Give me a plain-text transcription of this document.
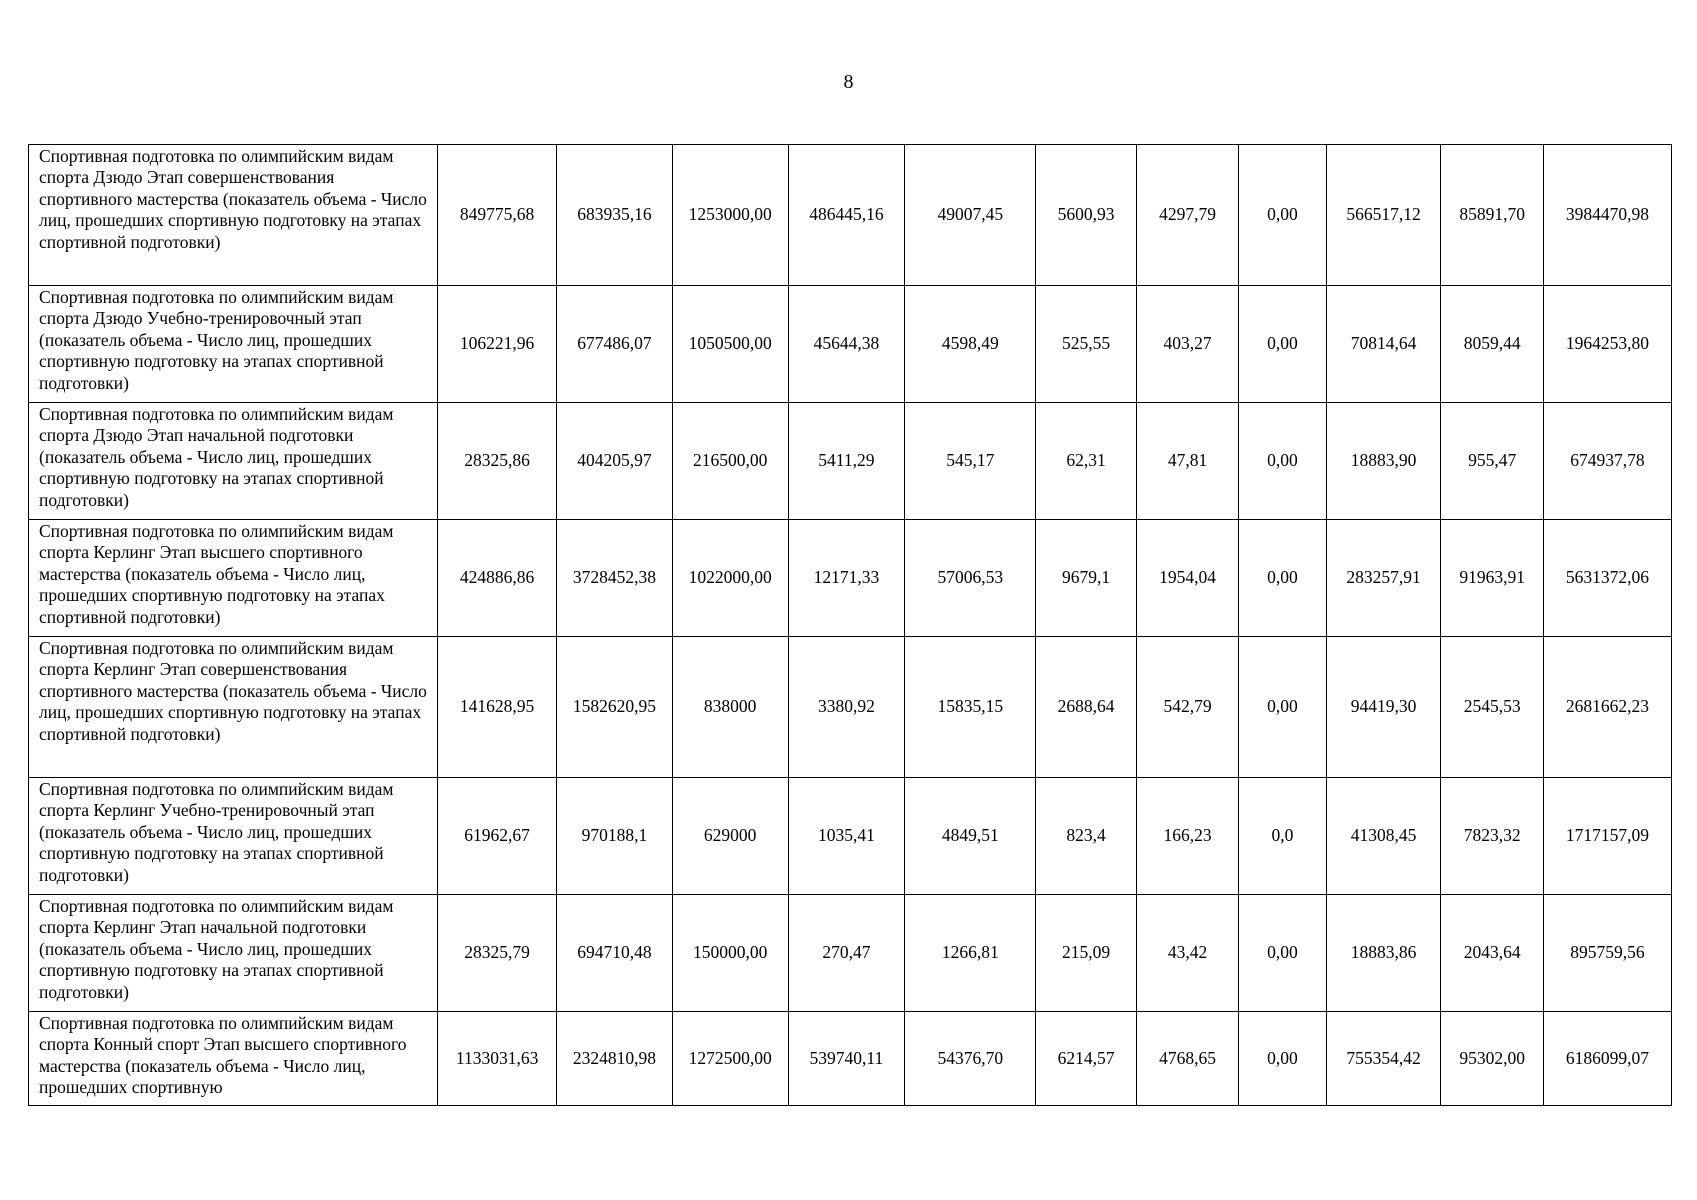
8
Спортивная подготовка по олимпийским видам спорта Дзюдо Этап совершенствования спортивного мастерства (показатель объема - Число лиц, прошедших спортивную подготовку на этапах спортивной подготовки)	849775,68	683935,16	1253000,00	486445,16	49007,45	5600,93	4297,79	0,00	566517,12	85891,70	3984470,98
Спортивная подготовка по олимпийским видам спорта Дзюдо Учебно-тренировочный этап (показатель объема - Число лиц, прошедших спортивную подготовку на этапах спортивной подготовки)	106221,96	677486,07	1050500,00	45644,38	4598,49	525,55	403,27	0,00	70814,64	8059,44	1964253,80
Спортивная подготовка по олимпийским видам спорта Дзюдо Этап начальной подготовки (показатель объема - Число лиц, прошедших спортивную подготовку на этапах спортивной подготовки)	28325,86	404205,97	216500,00	5411,29	545,17	62,31	47,81	0,00	18883,90	955,47	674937,78
Спортивная подготовка по олимпийским видам спорта Керлинг Этап высшего спортивного мастерства (показатель объема - Число лиц, прошедших спортивную подготовку на этапах спортивной подготовки)	424886,86	3728452,38	1022000,00	12171,33	57006,53	9679,1	1954,04	0,00	283257,91	91963,91	5631372,06
Спортивная подготовка по олимпийским видам спорта Керлинг Этап совершенствования спортивного мастерства (показатель объема - Число лиц, прошедших спортивную подготовку на этапах спортивной подготовки)	141628,95	1582620,95	838000	3380,92	15835,15	2688,64	542,79	0,00	94419,30	2545,53	2681662,23
Спортивная подготовка по олимпийским видам спорта Керлинг Учебно-тренировочный этап (показатель объема - Число лиц, прошедших спортивную подготовку на этапах спортивной подготовки)	61962,67	970188,1	629000	1035,41	4849,51	823,4	166,23	0,0	41308,45	7823,32	1717157,09
Спортивная подготовка по олимпийским видам спорта Керлинг Этап начальной подготовки (показатель объема - Число лиц, прошедших спортивную подготовку на этапах спортивной подготовки)	28325,79	694710,48	150000,00	270,47	1266,81	215,09	43,42	0,00	18883,86	2043,64	895759,56
Спортивная подготовка по олимпийским видам спорта Конный спорт Этап высшего спортивного мастерства (показатель объема - Число лиц, прошедших спортивную	1133031,63	2324810,98	1272500,00	539740,11	54376,70	6214,57	4768,65	0,00	755354,42	95302,00	6186099,07
